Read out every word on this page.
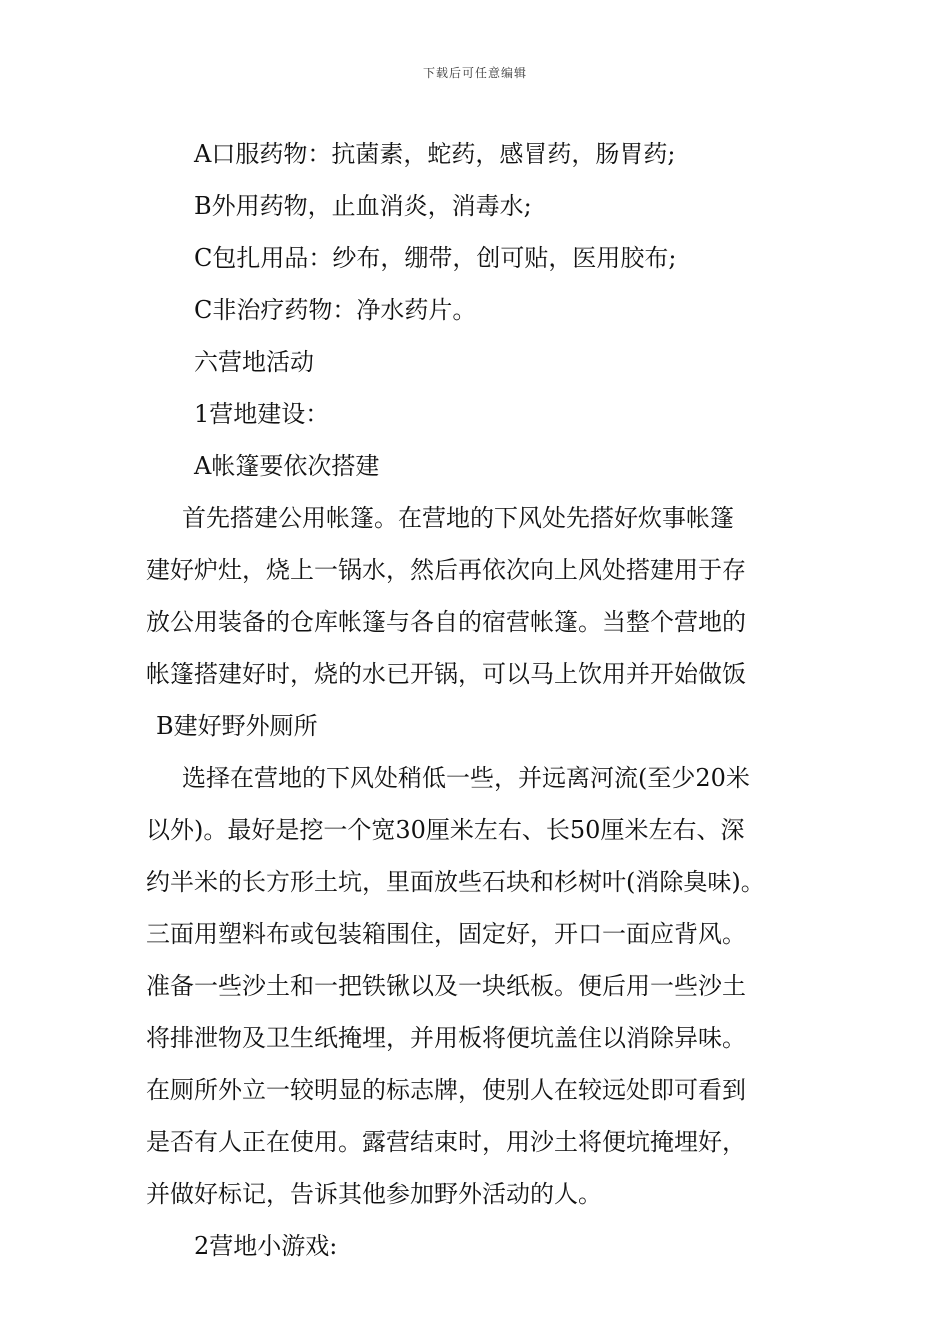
下载后可任意编辑
A口服药物：抗菌素，蛇药，感冒药，肠胃药;
B外用药物，止血消炎，消毒水;
C包扎用品：纱布，绷带，创可贴，医用胶布;
C非治疗药物：净水药片。
六营地活动
1营地建设：
A帐篷要依次搭建
首先搭建公用帐篷。在营地的下风处先搭好炊事帐篷
建好炉灶，烧上一锅水，然后再依次向上风处搭建用于存
放公用装备的仓库帐篷与各自的宿营帐篷。当整个营地的
帐篷搭建好时，烧的水已开锅，可以马上饮用并开始做饭
B建好野外厕所
选择在营地的下风处稍低一些，并远离河流(至少20米
以外)。最好是挖一个宽30厘米左右、长50厘米左右、深
约半米的长方形土坑，里面放些石块和杉树叶(消除臭味)。
三面用塑料布或包装箱围住，固定好，开口一面应背风。
准备一些沙土和一把铁锹以及一块纸板。便后用一些沙土
将排泄物及卫生纸掩埋，并用板将便坑盖住以消除异味。
在厕所外立一较明显的标志牌，使别人在较远处即可看到
是否有人正在使用。露营结束时，用沙土将便坑掩埋好，
并做好标记，告诉其他参加野外活动的人。
2营地小游戏:
